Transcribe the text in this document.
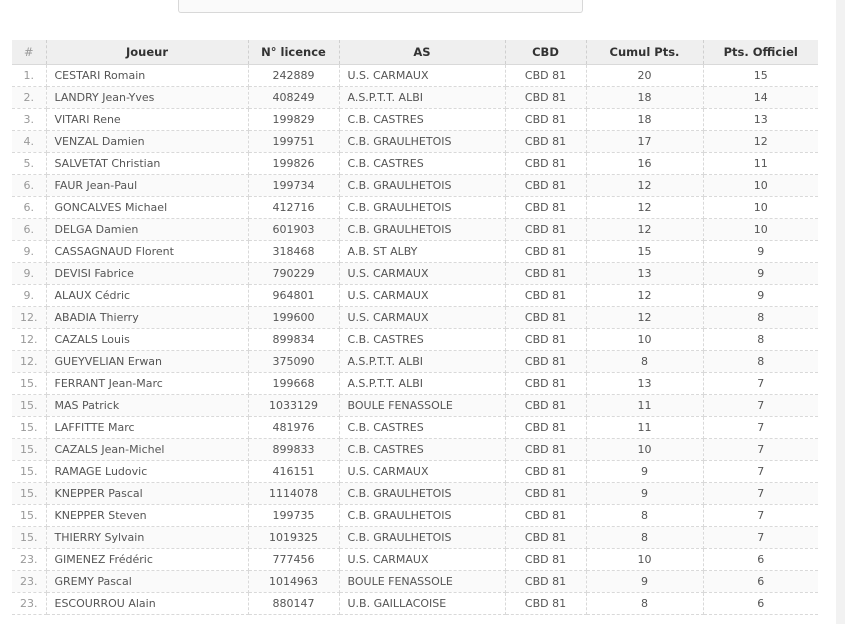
#	Joueur	N° licence	AS	CBD	Cumul Pts.	Pts. Officiel
1.	CESTARI Romain	242889	U.S. CARMAUX	CBD 81	20	15
2.	LANDRY Jean-Yves	408249	A.S.P.T.T. ALBI	CBD 81	18	14
3.	VITARI Rene	199829	C.B. CASTRES	CBD 81	18	13
4.	VENZAL Damien	199751	C.B. GRAULHETOIS	CBD 81	17	12
5.	SALVETAT Christian	199826	C.B. CASTRES	CBD 81	16	11
6.	FAUR Jean-Paul	199734	C.B. GRAULHETOIS	CBD 81	12	10
6.	GONCALVES Michael	412716	C.B. GRAULHETOIS	CBD 81	12	10
6.	DELGA Damien	601903	C.B. GRAULHETOIS	CBD 81	12	10
9.	CASSAGNAUD Florent	318468	A.B. ST ALBY	CBD 81	15	9
9.	DEVISI Fabrice	790229	U.S. CARMAUX	CBD 81	13	9
9.	ALAUX Cédric	964801	U.S. CARMAUX	CBD 81	12	9
12.	ABADIA Thierry	199600	U.S. CARMAUX	CBD 81	12	8
12.	CAZALS Louis	899834	C.B. CASTRES	CBD 81	10	8
12.	GUEYVELIAN Erwan	375090	A.S.P.T.T. ALBI	CBD 81	8	8
15.	FERRANT Jean-Marc	199668	A.S.P.T.T. ALBI	CBD 81	13	7
15.	MAS Patrick	1033129	BOULE FENASSOLE	CBD 81	11	7
15.	LAFFITTE Marc	481976	C.B. CASTRES	CBD 81	11	7
15.	CAZALS Jean-Michel	899833	C.B. CASTRES	CBD 81	10	7
15.	RAMAGE Ludovic	416151	U.S. CARMAUX	CBD 81	9	7
15.	KNEPPER Pascal	1114078	C.B. GRAULHETOIS	CBD 81	9	7
15.	KNEPPER Steven	199735	C.B. GRAULHETOIS	CBD 81	8	7
15.	THIERRY Sylvain	1019325	C.B. GRAULHETOIS	CBD 81	8	7
23.	GIMENEZ Frédéric	777456	U.S. CARMAUX	CBD 81	10	6
23.	GREMY Pascal	1014963	BOULE FENASSOLE	CBD 81	9	6
23.	ESCOURROU Alain	880147	U.B. GAILLACOISE	CBD 81	8	6
